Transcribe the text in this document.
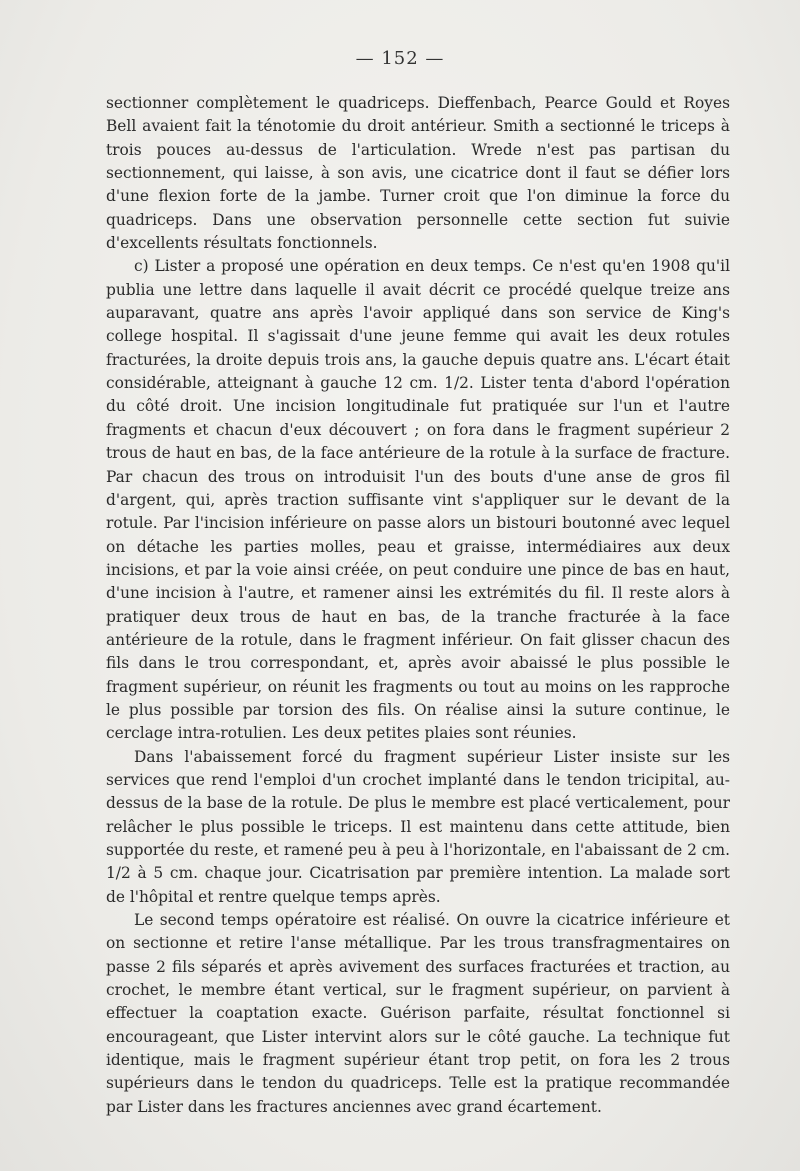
— 152 —

sectionner complètement le quadriceps. Dieffenbach, Pearce Gould et Royes Bell avaient fait la ténotomie du droit antérieur. Smith a sectionné le triceps à trois pouces au-dessus de l'articulation. Wrede n'est pas partisan du sectionnement, qui laisse, à son avis, une cicatrice dont il faut se défier lors d'une flexion forte de la jambe. Turner croit que l'on diminue la force du quadriceps. Dans une observation personnelle cette section fut suivie d'excellents résultats fonctionnels.

c) Lister a proposé une opération en deux temps. Ce n'est qu'en 1908 qu'il publia une lettre dans laquelle il avait décrit ce procédé quelque treize ans auparavant, quatre ans après l'avoir appliqué dans son service de King's college hospital. Il s'agissait d'une jeune femme qui avait les deux rotules fracturées, la droite depuis trois ans, la gauche depuis quatre ans. L'écart était considérable, atteignant à gauche 12 cm. 1/2. Lister tenta d'abord l'opération du côté droit. Une incision longitudinale fut pratiquée sur l'un et l'autre fragments et chacun d'eux découvert ; on fora dans le fragment supérieur 2 trous de haut en bas, de la face antérieure de la rotule à la surface de fracture. Par chacun des trous on introduisit l'un des bouts d'une anse de gros fil d'argent, qui, après traction suffisante vint s'appliquer sur le devant de la rotule. Par l'incision inférieure on passe alors un bistouri boutonné avec lequel on détache les parties molles, peau et graisse, intermédiaires aux deux incisions, et par la voie ainsi créée, on peut conduire une pince de bas en haut, d'une incision à l'autre, et ramener ainsi les extrémités du fil. Il reste alors à pratiquer deux trous de haut en bas, de la tranche fracturée à la face antérieure de la rotule, dans le fragment inférieur. On fait glisser chacun des fils dans le trou correspondant, et, après avoir abaissé le plus possible le fragment supérieur, on réunit les fragments ou tout au moins on les rapproche le plus possible par torsion des fils. On réalise ainsi la suture continue, le cerclage intra-rotulien. Les deux petites plaies sont réunies.

Dans l'abaissement forcé du fragment supérieur Lister insiste sur les services que rend l'emploi d'un crochet implanté dans le tendon tricipital, au-dessus de la base de la rotule. De plus le membre est placé verticalement, pour relâcher le plus possible le triceps. Il est maintenu dans cette attitude, bien supportée du reste, et ramené peu à peu à l'horizontale, en l'abaissant de 2 cm. 1/2 à 5 cm. chaque jour. Cicatrisation par première intention. La malade sort de l'hôpital et rentre quelque temps après.

Le second temps opératoire est réalisé. On ouvre la cicatrice inférieure et on sectionne et retire l'anse métallique. Par les trous transfragmentaires on passe 2 fils séparés et après avivement des surfaces fracturées et traction, au crochet, le membre étant vertical, sur le fragment supérieur, on parvient à effectuer la coaptation exacte. Guérison parfaite, résultat fonctionnel si encourageant, que Lister intervint alors sur le côté gauche. La technique fut identique, mais le fragment supérieur étant trop petit, on fora les 2 trous supérieurs dans le tendon du quadriceps. Telle est la pratique recommandée par Lister dans les fractures anciennes avec grand écartement.
